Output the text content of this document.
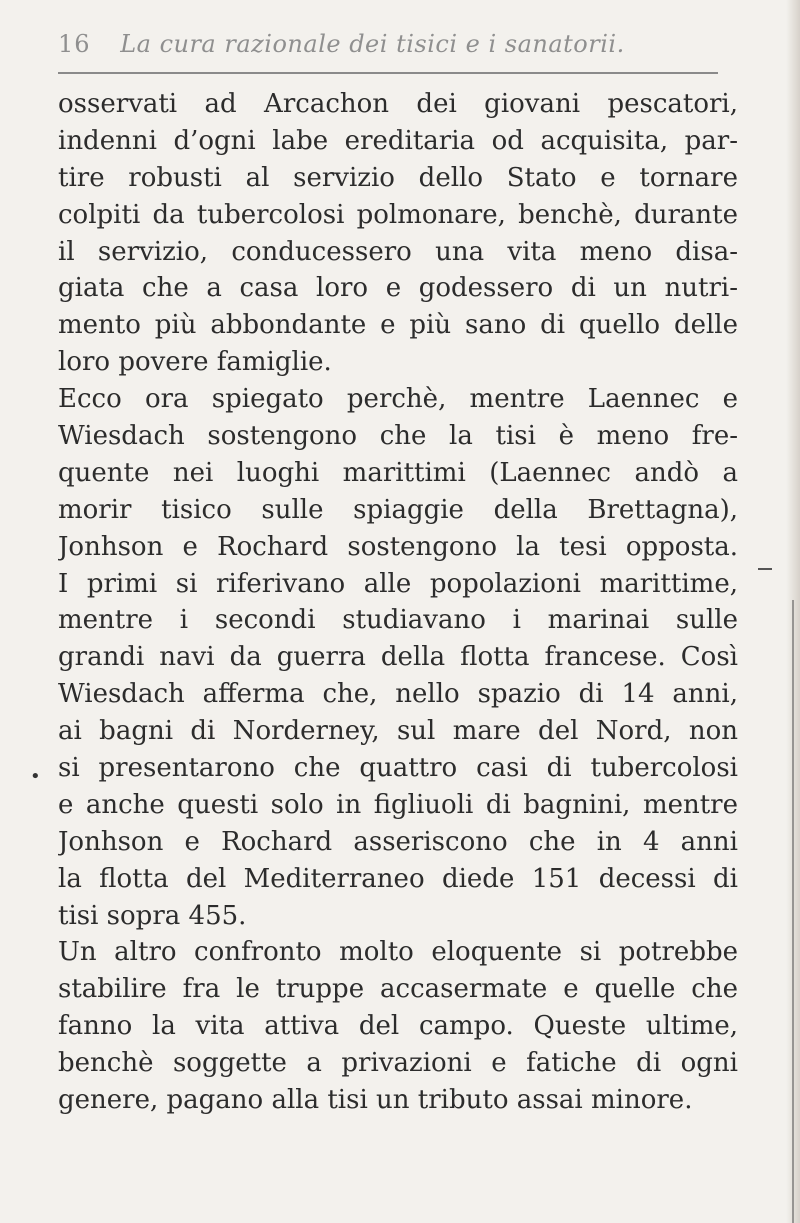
16 La cura razionale dei tisici e i sanatorii.
osservati ad Arcachon dei giovani pescatori,
indenni d’ogni labe ereditaria od acquisita, par-
tire robusti al servizio dello Stato e tornare
colpiti da tubercolosi polmonare, benchè, durante
il servizio, conducessero una vita meno disa-
giata che a casa loro e godessero di un nutri-
mento più abbondante e più sano di quello delle
loro povere famiglie.
Ecco ora spiegato perchè, mentre Laennec e
Wiesdach sostengono che la tisi è meno fre-
quente nei luoghi marittimi (Laennec andò a
morir tisico sulle spiaggie della Brettagna),
Jonhson e Rochard sostengono la tesi opposta.
I primi si riferivano alle popolazioni marittime,
mentre i secondi studiavano i marinai sulle
grandi navi da guerra della flotta francese. Così
Wiesdach afferma che, nello spazio di 14 anni,
ai bagni di Norderney, sul mare del Nord, non
si presentarono che quattro casi di tubercolosi
e anche questi solo in figliuoli di bagnini, mentre
Jonhson e Rochard asseriscono che in 4 anni
la flotta del Mediterraneo diede 151 decessi di
tisi sopra 455.
Un altro confronto molto eloquente si potrebbe
stabilire fra le truppe accasermate e quelle che
fanno la vita attiva del campo. Queste ultime,
benchè soggette a privazioni e fatiche di ogni
genere, pagano alla tisi un tributo assai minore.
•
